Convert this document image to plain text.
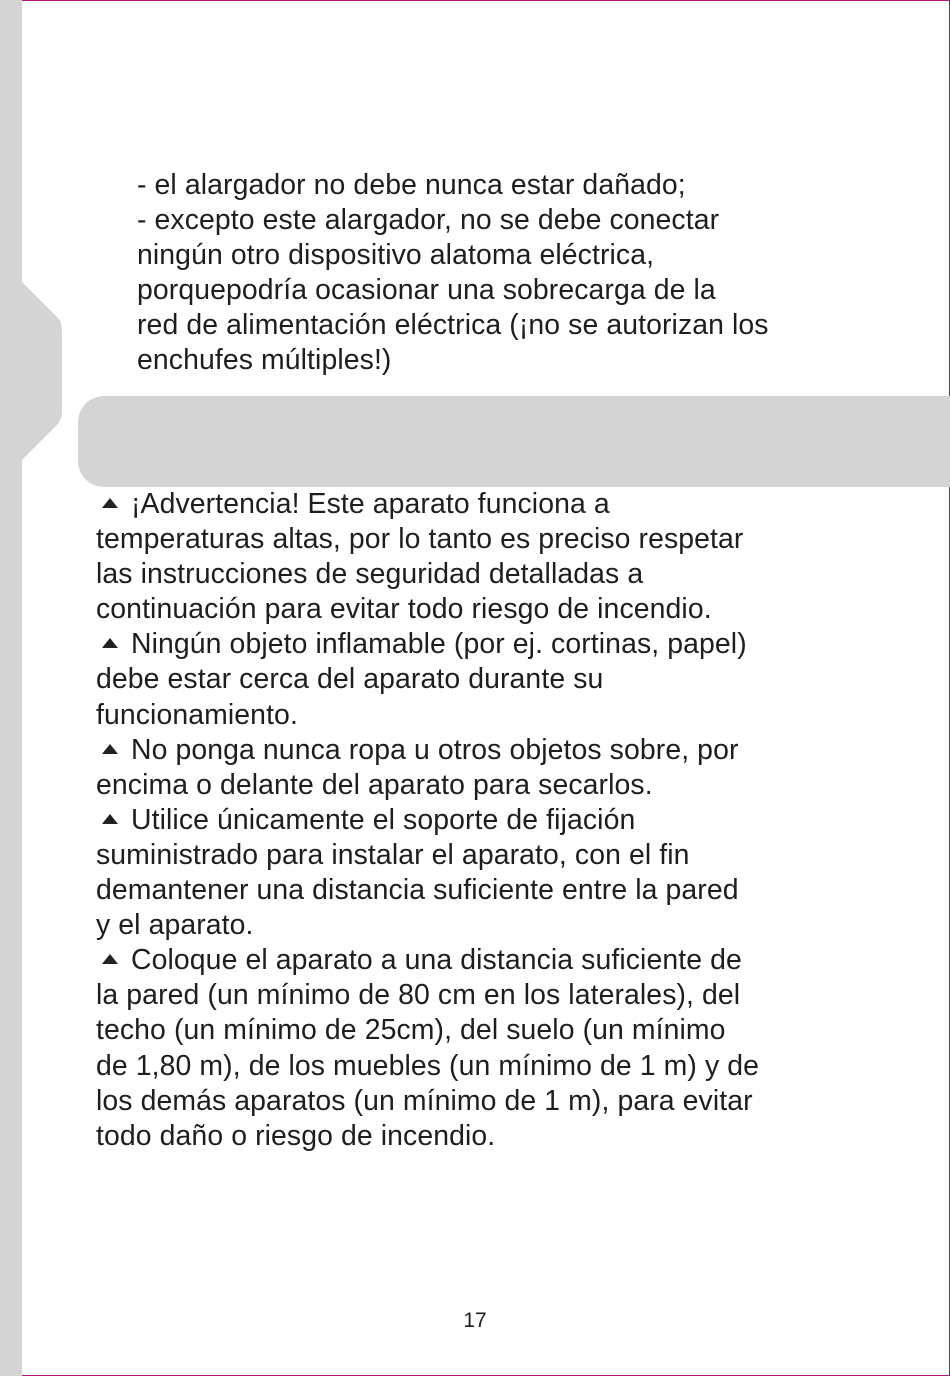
- el alargador no debe nunca estar dañado;
- excepto este alargador, no se debe conectar
ningún otro dispositivo alatoma eléctrica,
porquepodría ocasionar una sobrecarga de la
red de alimentación eléctrica (¡no se autorizan los
enchufes múltiples!)
¡Advertencia! Este aparato funciona a
temperaturas altas, por lo tanto es preciso respetar
las instrucciones de seguridad detalladas a
continuación para evitar todo riesgo de incendio.
Ningún objeto inflamable (por ej. cortinas, papel)
debe estar cerca del aparato durante su
funcionamiento.
No ponga nunca ropa u otros objetos sobre, por
encima o delante del aparato para secarlos.
Utilice únicamente el soporte de fijación
suministrado para instalar el aparato, con el fin
demantener una distancia suficiente entre la pared
y el aparato.
Coloque el aparato a una distancia suficiente de
la pared (un mínimo de 80 cm en los laterales), del
techo (un mínimo de 25cm), del suelo (un mínimo
de 1,80 m), de los muebles (un mínimo de 1 m) y de
los demás aparatos (un mínimo de 1 m), para evitar
todo daño o riesgo de incendio.
17
